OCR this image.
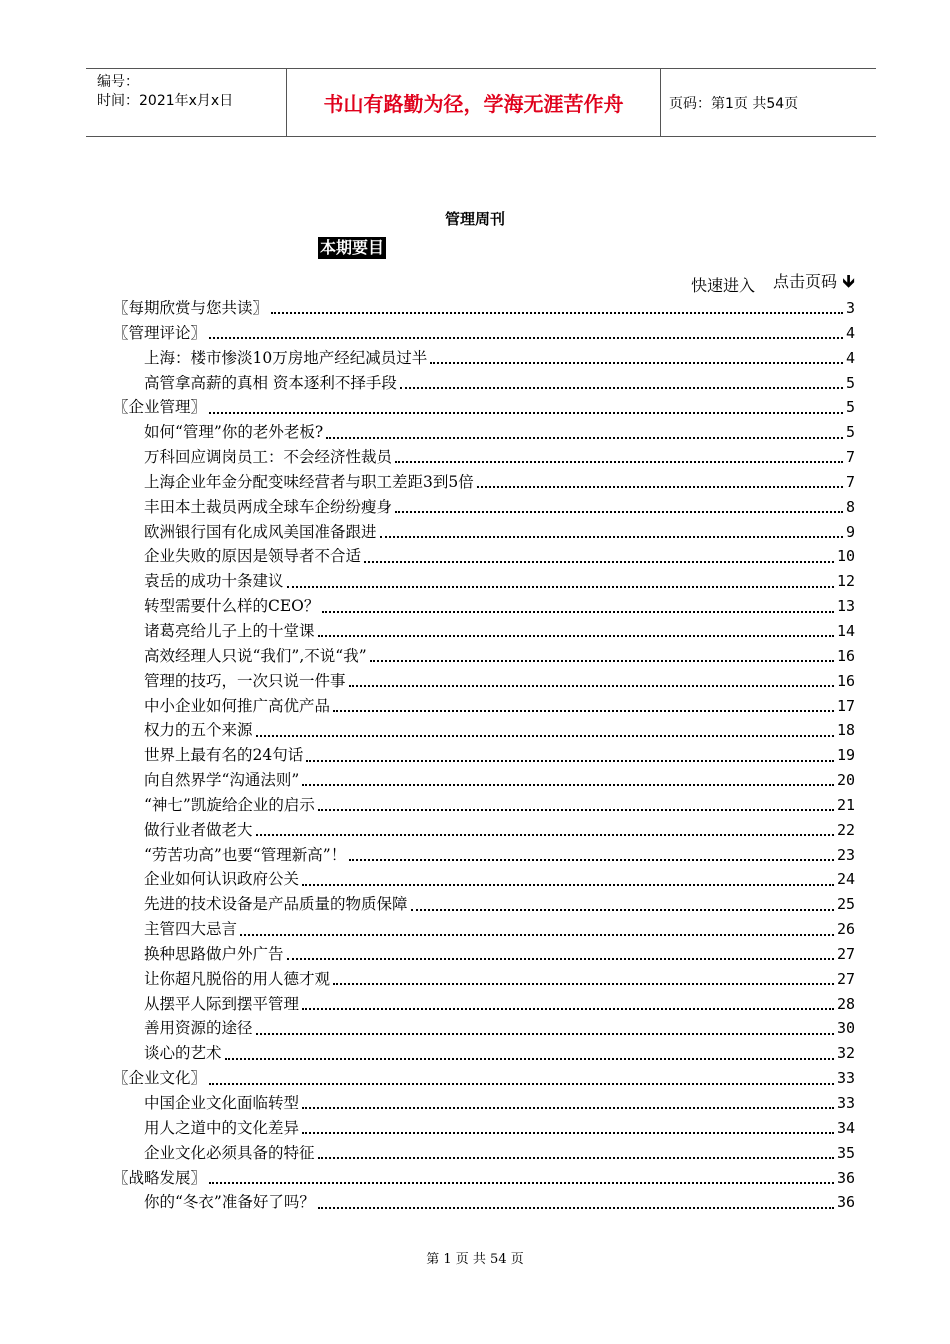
编号：
时间：2021年x月x日	书山有路勤为径，学海无涯苦作舟	页码：第1页 共54页
管理周刊
本期要目
快速进入 点击页码 🡻
〖每期欣赏与您共读〗	3
〖管理评论〗	4
上海：楼市惨淡10万房地产经纪减员过半	4
高管拿高薪的真相 资本逐利不择手段	5
〖企业管理〗	5
如何“管理”你的老外老板?	5
万科回应调岗员工：不会经济性裁员	7
上海企业年金分配变味经营者与职工差距3到5倍	7
丰田本土裁员两成全球车企纷纷瘦身	8
欧洲银行国有化成风美国准备跟进	9
企业失败的原因是领导者不合适	10
袁岳的成功十条建议	12
转型需要什么样的CEO？	13
诸葛亮给儿子上的十堂课	14
高效经理人只说“我们”,不说“我”	16
管理的技巧，一次只说一件事	16
中小企业如何推广高优产品	17
权力的五个来源	18
世界上最有名的24句话	19
向自然界学“沟通法则”	20
“神七”凯旋给企业的启示	21
做行业者做老大	22
“劳苦功高”也要“管理新高”！	23
企业如何认识政府公关	24
先进的技术设备是产品质量的物质保障	25
主管四大忌言	26
换种思路做户外广告	27
让你超凡脱俗的用人德才观	27
从摆平人际到摆平管理	28
善用资源的途径	30
谈心的艺术	32
〖企业文化〗	33
中国企业文化面临转型	33
用人之道中的文化差异	34
企业文化必须具备的特征	35
〖战略发展〗	36
你的“冬衣”准备好了吗？	36
第 1 页 共 54 页
